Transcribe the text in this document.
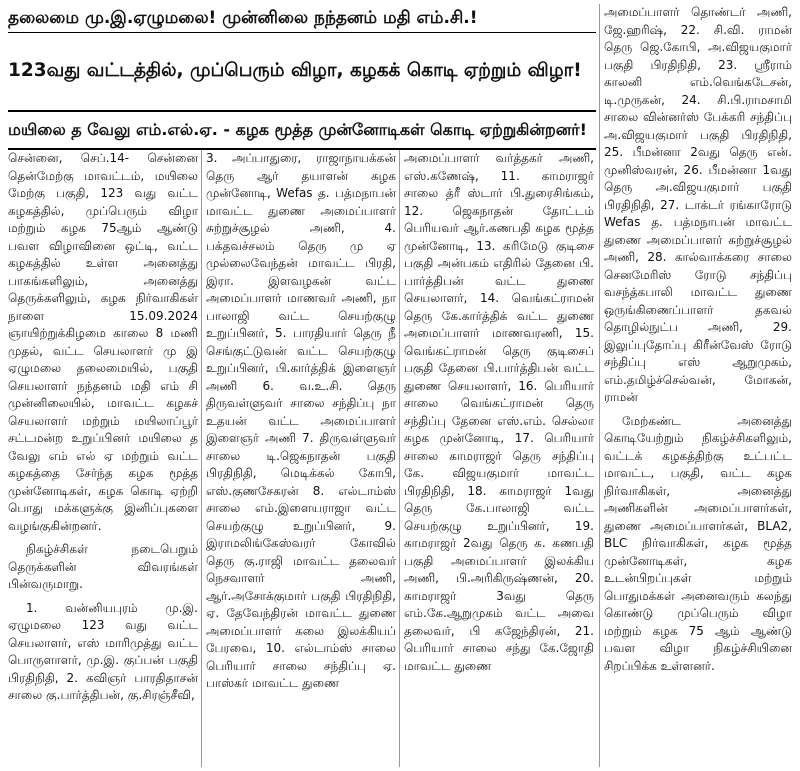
தலைமை மு.இ.ஏழுமலை! முன்னிலை நந்தனம் மதி எம்.சி.!
123வது வட்டத்தில், முப்பெரும் விழா, கழகக் கொடி ஏற்றும் விழா!
மயிலை த வேலு எம்.எல்.ஏ. - கழக மூத்த முன்னோடிகள் கொடி ஏற்றுகின்றனர்!

சென்னை, செப்.14- சென்னை தென்மேற்கு மாவட்டம், மயிலை மேற்கு பகுதி, 123 வது வட்ட கழகத்தில், முப்பெரும் விழா மற்றும் கழக 75ஆம் ஆண்டு பவள விழாவினை ஒட்டி, வட்ட கழகத்தில் உள்ள அனைத்து பாகங்களிலும், அனைத்து தெருக்களிலும், கழக நிர்வாகிகள் நாளை 15.09.2024 ஞாயிற்றுக்கிழமை காலை 8 மணி முதல், வட்ட செயலாளர் மு இ ஏழுமலை தலைமையில், பகுதி செயலாளர் நந்தனம் மதி எம் சி முன்னிலையில், மாவட்ட கழகச் செயலாளர் மற்றும் மயிலாப்பூர் சட்டமன்ற உறுப்பினர் மயிலை த வேலு எம் எல் ஏ மற்றும் வட்ட கழகத்தை சேர்ந்த கழக மூத்த முன்னோடிகள், கழக கொடி ஏற்றி பொது மக்களுக்கு இனிப்புகளை வழங்குகின்றனர்.

நிகழ்ச்சிகள் நடைபெறும் தெருக்களின் விவரங்கள் பின்வருமாறு.

1. வன்னியபுரம் மு.இ. ஏழுமலை 123 வது வட்ட செயலாளர், எஸ் மாரிமுத்து வட்ட பொருளாளர், மு.இ. குப்பன் பகுதி பிரதிநிதி, 2. கவிஞர் பாரதிதாசன் சாலை கு.பார்த்திபன், கு.சிரஞ்சீவி,

3. அப்பாதுரை, ராஜாநாயக்கன் தெரு ஆர் தயாளன் கழக முன்னோடி, Wefas த. பத்மநாபன் மாவட்ட துணை அமைப்பாளர் சுற்றுச்சூழல் அணி, 4. பக்தவச்சலம் தெரு மு ஏ முல்லைவேந்தன் மாவட்ட பிரதி, இரா. இளவழகன் வட்ட அமைப்பாளர் மாணவர் அணி, நா பாலாஜி வட்ட செயற்குழு உறுப்பினர், 5. பாரதியார் தெரு நீ செங்குட்டுவன் வட்ட செயற்குழு உறுப்பினர், பி.கார்த்திக் இளைஞர் அணி 6. வ.உ.சி. தெரு திருவள்ளுவர் சாலை சந்திப்பு நா உதயன் வட்ட அமைப்பாளர் இளைஞர் அணி 7. திருவள்ளுவர் சாலை டி.ஜெகநாதன் பகுதி பிரதிநிதி, மெடிக்கல் கோபி, எஸ்.குணசேகரன் 8. எல்டாம்ஸ் சாலை எம்.இளையராஜா வட்ட செயற்குழு உறுப்பினர், 9. இராமலிங்கேஸ்வரர் கோவில் தெரு கு.ராஜி மாவட்ட தலைவர் நெசவாளர் அணி, ஆர்.அசோக்குமார் பகுதி பிரதிநிதி, ஏ. தேவேந்திரன் மாவட்ட துணை அமைப்பாளர் கலை இலக்கியப் பேரவை, 10. எல்டாம்ஸ் சாலை பெரியார் சாலை சந்திப்பு ஏ. பாஸ்கர் மாவட்ட துணை

அமைப்பாளர் வர்த்தகர் அணி, எஸ்.கணேஷ், 11. காமராஜர் சாலை த்ரீ ஸ்டார் பி.துரைசிங்கம், 12. ஜெகநாதன் தோட்டம் பெரியவர் ஆர்.கணபதி கழக மூத்த முன்னோடி, 13. கரிமேடு குடிசை பகுதி அன்பகம் எதிரில் தேனை பி. பார்த்திபன் வட்ட துணை செயலாளர், 14. வெங்கட்ராமன் தெரு கே.கார்த்திக் வட்ட துணை அமைப்பாளர் மாணவரணி, 15. வெங்கட்ராமன் தெரு குடிசைப் பகுதி தேனை பி.பார்த்திபன் வட்ட துணை செயலாளர், 16. பெரியார் சாலை வெங்கட்ராமன் தெரு சந்திப்பு தேனை எஸ்.எம். செல்லா கழக முன்னோடி, 17. பெரியார் சாலை காமராஜர் தெரு சந்திப்பு கே. விஜயகுமார் மாவட்ட பிரதிநிதி, 18. காமராஜர் 1வது தெரு கே.பாலாஜி வட்ட செயற்குழு உறுப்பினர், 19. காமராஜர் 2வது தெரு க. கணபதி பகுதி அமைப்பாளர் இலக்கிய அணி, பி.அரிகிருஷ்ணன், 20. காமராஜர் 3வது தெரு எம்.கே.ஆறுமுகம் வட்ட அவை தலைவர், பி கஜேந்திரன், 21. பெரியார் சாலை சந்து கே.ஜோதி மாவட்ட துணை

அமைப்பாளர் தொண்டர் அணி, ஜே.ஹரிஷ், 22. சி.வி. ராமன் தெரு ஜெ.கோபி, அ.விஜயகுமார் பகுதி பிரதிநிதி, 23. ஸ்ரீராம் காலனி எம்.வெங்கடேசன், டி.முருகன், 24. சி.பி.ராமசாமி சாலை வின்னர்ஸ் பேக்கரி சந்திப்பு அ.விஜயகுமார் பகுதி பிரதிநிதி, 25. பீமன்னா 2வது தெரு என். முனிஸ்வரன், 26. பீமன்னா 1வது தெரு அ.விஜயகுமார் பகுதி பிரதிநிதி, 27. டாக்டர் ரங்காரோடு Wefas த. பத்மநாபன் மாவட்ட துணை அமைப்பாளர் சுற்றுச்சூழல் அணி, 28. கால்வாக்கரை சாலை செனமேரிஸ் ரோடு சந்திப்பு வசந்த்கபாலி மாவட்ட துணை ஒருங்கிணைப்பாளர் தகவல் தொழில்நுட்ப அணி, 29. இலுப்புதோப்பு கிரீன்வேஸ் ரோடு சந்திப்பு எஸ் ஆறுமுகம், எம்.தமிழ்ச்செல்வன், மோகன், ராமன்

மேற்கண்ட அனைத்து கொடியேற்றும் நிகழ்ச்சிகளிலும், வட்டக் கழகத்திற்கு உட்பட்ட மாவட்ட, பகுதி, வட்ட கழக நிர்வாகிகள், அனைத்து அணிகளின் அமைப்பாளர்கள், துணை அமைப்பாளர்கள், BLA2, BLC நிர்வாகிகள், கழக மூத்த முன்னோடிகள், கழக உடன்பிறப்புகள் மற்றும் பொதுமக்கள் அனைவரும் கலந்து கொண்டு முப்பெரும் விழா மற்றும் கழக 75 ஆம் ஆண்டு பவள விழா நிகழ்ச்சியினை சிறப்பிக்க உள்ளனர்.
